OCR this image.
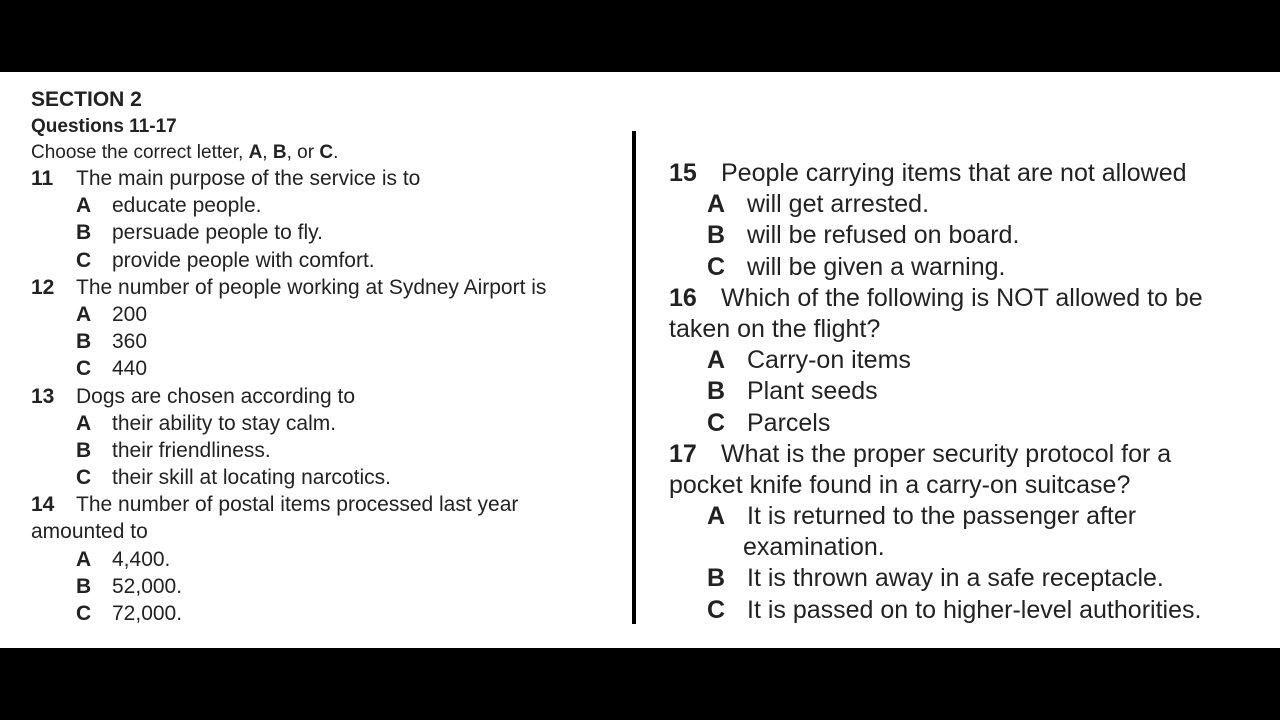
SECTION 2
Questions 11-17
Choose the correct letter, A, B, or C.
11 The main purpose of the service is to
A educate people.
B persuade people to fly.
C provide people with comfort.
12 The number of people working at Sydney Airport is
A 200
B 360
C 440
13 Dogs are chosen according to
A their ability to stay calm.
B their friendliness.
C their skill at locating narcotics.
14 The number of postal items processed last year
amounted to
A 4,400.
B 52,000.
C 72,000.
15 People carrying items that are not allowed
A will get arrested.
B will be refused on board.
C will be given a warning.
16 Which of the following is NOT allowed to be
taken on the flight?
A Carry-on items
B Plant seeds
C Parcels
17 What is the proper security protocol for a
pocket knife found in a carry-on suitcase?
A It is returned to the passenger after
examination.
B It is thrown away in a safe receptacle.
C It is passed on to higher-level authorities.
